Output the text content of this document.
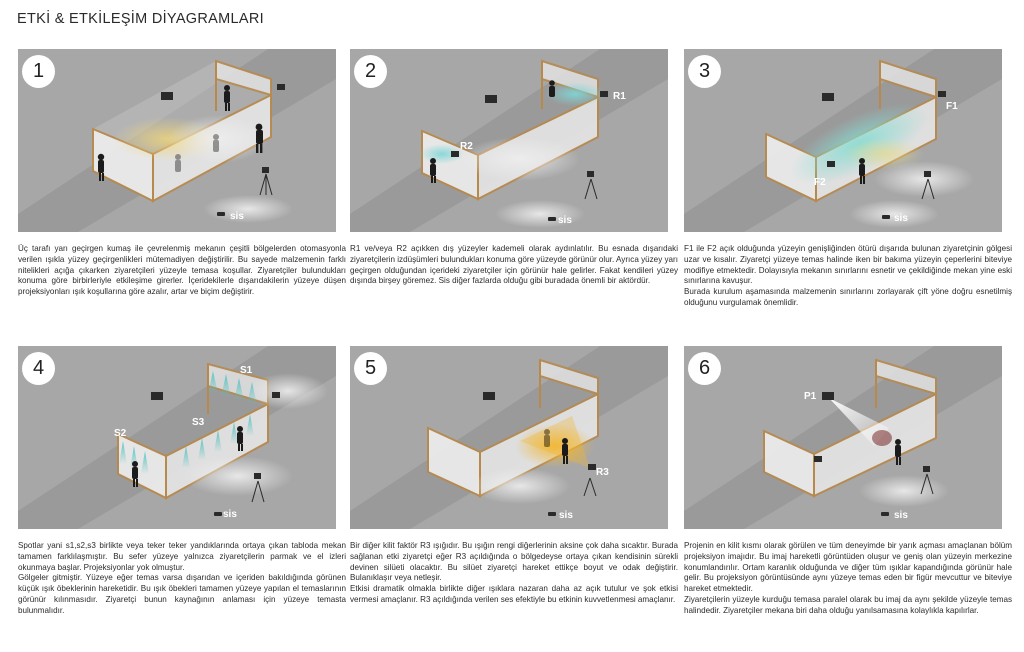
ETKİ & ETKİLEŞİM DİYAGRAMLARI
1
sis

Üç tarafı yarı geçirgen kumaş ile çevrelenmiş mekanın çeşitli bölgelerden otomasyonla verilen ışıkla yüzey geçirgenlikleri mütemadiyen değiştirilir. Bu sayede malzemenin farklı nitelikleri açığa çıkarken ziyaretçileri yüzeyle temasa koşullar. Ziyaretçiler bulundukları konuma göre birbirleriyle etkileşime girerler. İçeridekilerle dışarıdakilerin yüzeye düşen projeksiyonları ışık koşullarına göre azalır, artar ve biçim değiştirir.

2
R1
R2
sis

R1 ve/veya R2 açıkken dış yüzeyler kademeli olarak aydınlatılır. Bu esnada dışarıdaki ziyaretçilerin izdüşümleri bulundukları konuma göre yüzeyde görünür olur. Ayrıca yüzey yarı geçirgen olduğundan içerideki ziyaretçiler için görünür hale gelirler. Fakat kendileri yüzey dışında birşey göremez. Sis diğer fazlarda olduğu gibi buradada önemli bir aktördür.

3
F1
F2
sis

F1 ile F2 açık olduğunda yüzeyin genişliğinden ötürü dışarıda bulunan ziyaretçinin gölgesi uzar ve kısalır. Ziyaretçi yüzeye temas halinde iken bir bakıma yüzeyin çeperlerini biteviye modifiye etmektedir. Dolayısıyla mekanın sınırlarını esnetir ve çekildiğinde mekan yine eski sınırlarına kavuşur.

Burada kurulum aşamasında malzemenin sınırlarını zorlayarak çift yöne doğru esnetilmiş olduğunu vurgulamak önemlidir.

4	S1
S2
S3
sis

Spotlar yani s1,s2,s3 birlikte veya teker teker yandıklarında ortaya çıkan tabloda mekan tamamen farklılaşmıştır. Bu sefer yüzeye yalnızca ziyaretçilerin parmak ve el izleri okunmaya başlar. Projeksiyonlar yok olmuştur.

Gölgeler gitmiştir. Yüzeye eğer temas varsa dışarıdan ve içeriden bakıldığında görünen küçük ışık öbeklerinin hareketidir. Bu ışık öbekleri tamamen yüzeye yapılan el temaslarının görünür kılınmasıdır. Ziyaretçi bunun kaynağının anlaması için yüzeye temasta bulunmalıdır.

5
R3
sis

Bir diğer kilit faktör R3 ışığıdır. Bu ışığın rengi diğerlerinin aksine çok daha sıcaktır. Burada sağlanan etki ziyaretçi eğer R3 açıldığında o bölgedeyse ortaya çıkan kendisinin sürekli devinen silüeti olacaktır. Bu silüet ziyaretçi hareket ettikçe boyut ve odak değiştirir. Bulanıklaşır veya netleşir.

Etkisi dramatik olmakla birlikte diğer ışıklara nazaran daha az açık tutulur ve şok etkisi vermesi amaçlanır. R3 açıldığında verilen ses efektiyle bu etkinin kuvvetlenmesi amaçlanır.

6
P1
sis

Projenin en kilit kısmı olarak görülen ve tüm deneyimde bir yarık açması amaçlanan bölüm projeksiyon imajıdır. Bu imaj hareketli görüntüden oluşur ve geniş olan yüzeyin merkezine konumlandırılır. Ortam karanlık olduğunda ve diğer tüm ışıklar kapandığında görünür hale gelir. Bu projeksiyon görüntüsünde aynı yüzeye temas eden bir figür mevcuttur ve biteviye hareket etmektedir.

Ziyaretçilerin yüzeyle kurduğu temasa paralel olarak bu imaj da aynı şekilde yüzeyle temas halindedir. Ziyaretçiler mekana biri daha olduğu yanılsamasına kolaylıkla kapılırlar.
